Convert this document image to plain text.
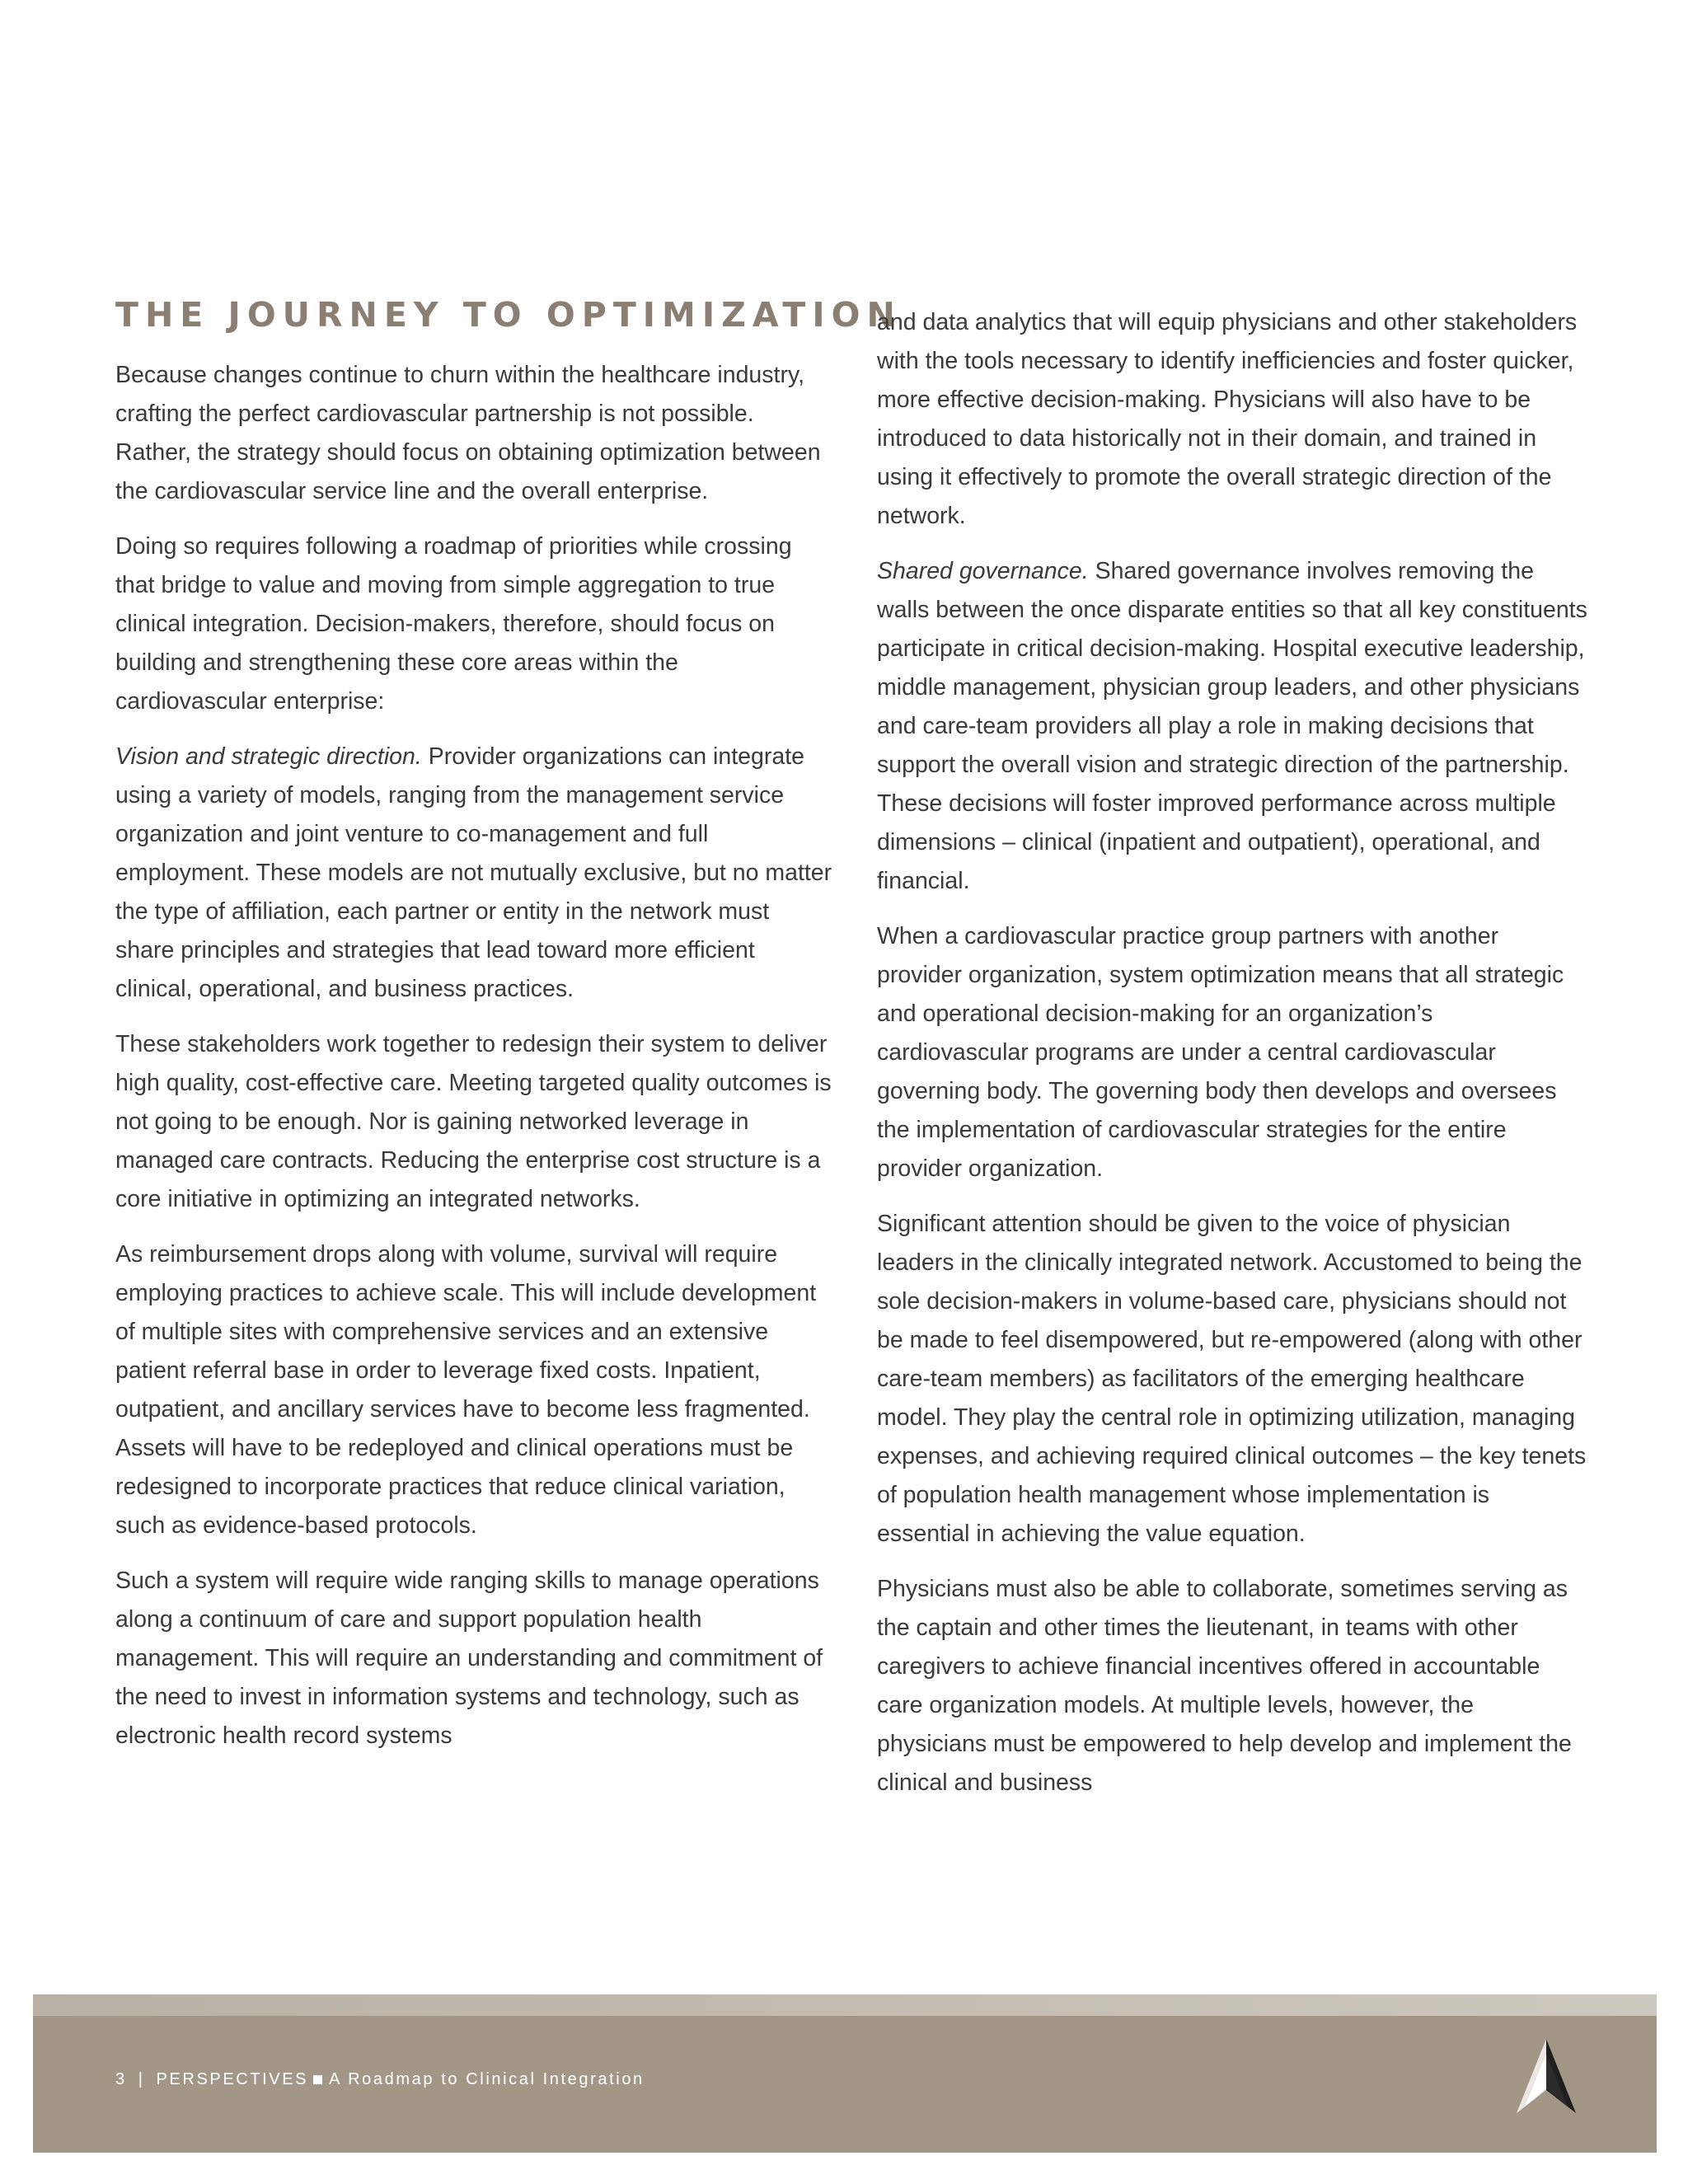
THE JOURNEY TO OPTIMIZATION

Because changes continue to churn within the healthcare industry, crafting the perfect cardiovascular partnership is not possible. Rather, the strategy should focus on obtaining optimization between the cardiovascular service line and the overall enterprise.

Doing so requires following a roadmap of priorities while crossing that bridge to value and moving from simple aggregation to true clinical integration. Decision-makers, therefore, should focus on building and strengthening these core areas within the cardiovascular enterprise:

Vision and strategic direction. Provider organizations can integrate using a variety of models, ranging from the management service organization and joint venture to co-management and full employment. These models are not mutually exclusive, but no matter the type of affiliation, each partner or entity in the network must share principles and strategies that lead toward more efficient clinical, operational, and business practices.

These stakeholders work together to redesign their system to deliver high quality, cost-effective care. Meeting targeted quality outcomes is not going to be enough. Nor is gaining networked leverage in managed care contracts. Reducing the enterprise cost structure is a core initiative in optimizing an integrated networks.

As reimbursement drops along with volume, survival will require employing practices to achieve scale. This will include development of multiple sites with comprehensive services and an extensive patient referral base in order to leverage fixed costs. Inpatient, outpatient, and ancillary services have to become less fragmented. Assets will have to be redeployed and clinical operations must be redesigned to incorporate practices that reduce clinical variation, such as evidence-based protocols.

Such a system will require wide ranging skills to manage operations along a continuum of care and support population health management. This will require an understanding and commitment of the need to invest in information systems and technology, such as electronic health record systems

and data analytics that will equip physicians and other stakeholders with the tools necessary to identify inefficiencies and foster quicker, more effective decision-making. Physicians will also have to be introduced to data historically not in their domain, and trained in using it effectively to promote the overall strategic direction of the network.

Shared governance. Shared governance involves removing the walls between the once disparate entities so that all key constituents participate in critical decision-making. Hospital executive leadership, middle management, physician group leaders, and other physicians and care-team providers all play a role in making decisions that support the overall vision and strategic direction of the partnership. These decisions will foster improved performance across multiple dimensions – clinical (inpatient and outpatient), operational, and financial.

When a cardiovascular practice group partners with another provider organization, system optimization means that all strategic and operational decision-making for an organization’s cardiovascular programs are under a central cardiovascular governing body. The governing body then develops and oversees the implementation of cardiovascular strategies for the entire provider organization.

Significant attention should be given to the voice of physician leaders in the clinically integrated network. Accustomed to being the sole decision-makers in volume-based care, physicians should not be made to feel disempowered, but re-empowered (along with other care-team members) as facilitators of the emerging healthcare model. They play the central role in optimizing utilization, managing expenses, and achieving required clinical outcomes – the key tenets of population health management whose implementation is essential in achieving the value equation.

Physicians must also be able to collaborate, sometimes serving as the captain and other times the lieutenant, in teams with other caregivers to achieve financial incentives offered in accountable care organization models. At multiple levels, however, the physicians must be empowered to help develop and implement the clinical and business

3 | PERSPECTIVES A Roadmap to Clinical Integration
